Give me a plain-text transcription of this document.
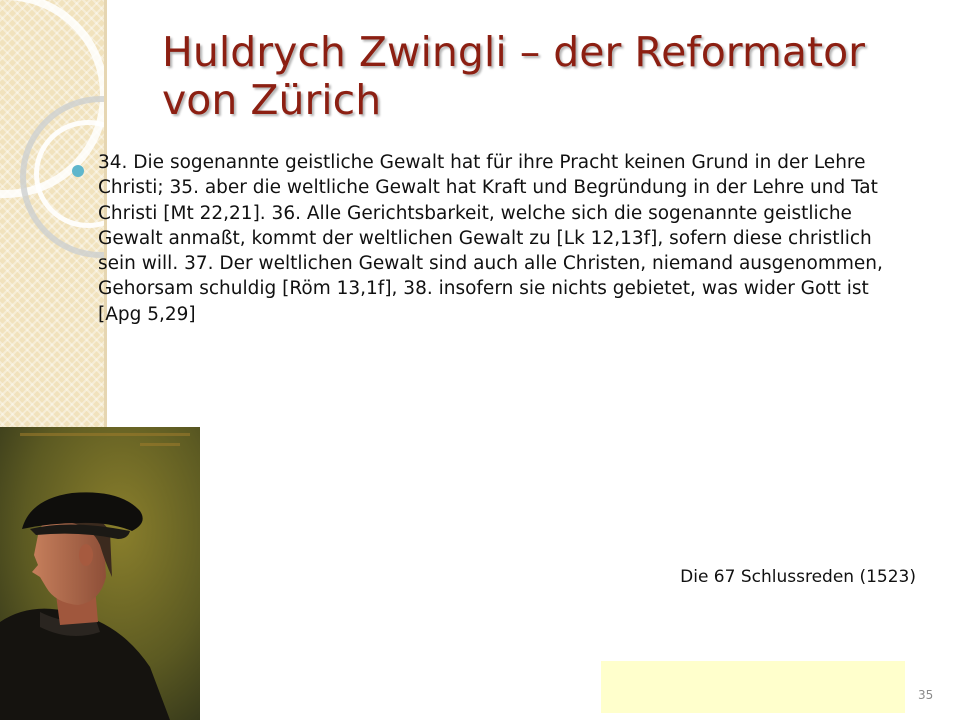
Huldrych Zwingli – der Reformator von Zürich

34. Die sogenannte geistliche Gewalt hat für ihre Pracht keinen Grund in der Lehre Christi; 35. aber die weltliche Gewalt hat Kraft und Begründung in der Lehre und Tat Christi [Mt 22,21]. 36. Alle Gerichtsbarkeit, welche sich die sogenannte geistliche Gewalt anmaßt, kommt der weltlichen Gewalt zu [Lk 12,13f], sofern diese christlich sein will. 37. Der weltlichen Gewalt sind auch alle Christen, niemand ausgenommen, Gehorsam schuldig [Röm 13,1f], 38. insofern sie nichts gebietet, was wider Gott ist [Apg 5,29]

Die 67 Schlussreden (1523)

35
